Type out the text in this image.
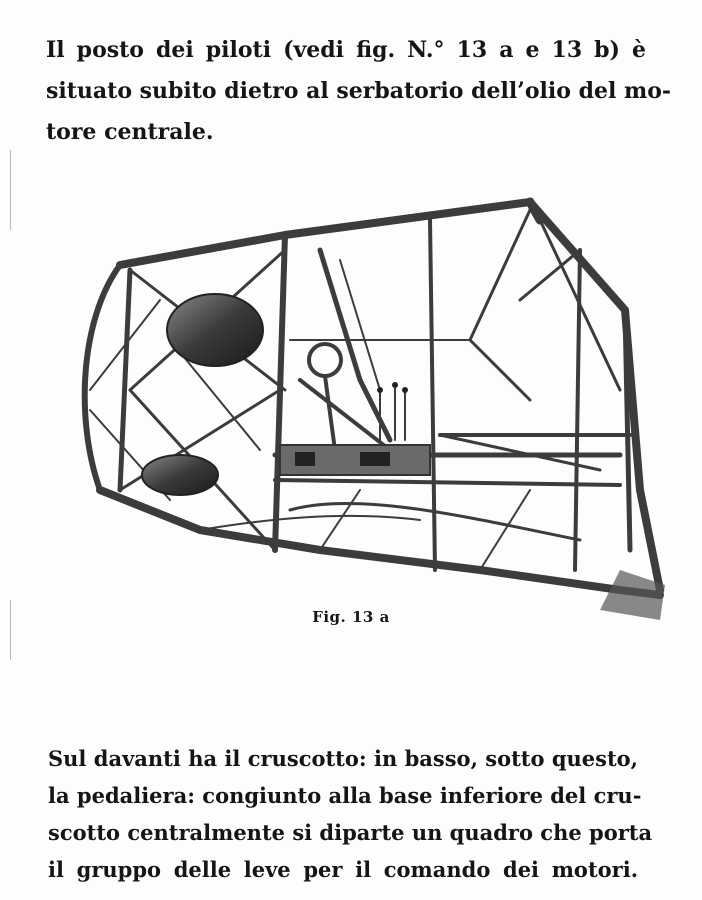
Il posto dei piloti (vedi fig. N.° 13 a e 13 b) è
situato subito dietro al serbatorio dell’olio del mo-
tore centrale.

Fig. 13 a

Sul davanti ha il cruscotto: in basso, sotto questo,
la pedaliera: congiunto alla base inferiore del cru-
scotto centralmente si diparte un quadro che porta
il gruppo delle leve per il comando dei motori.
